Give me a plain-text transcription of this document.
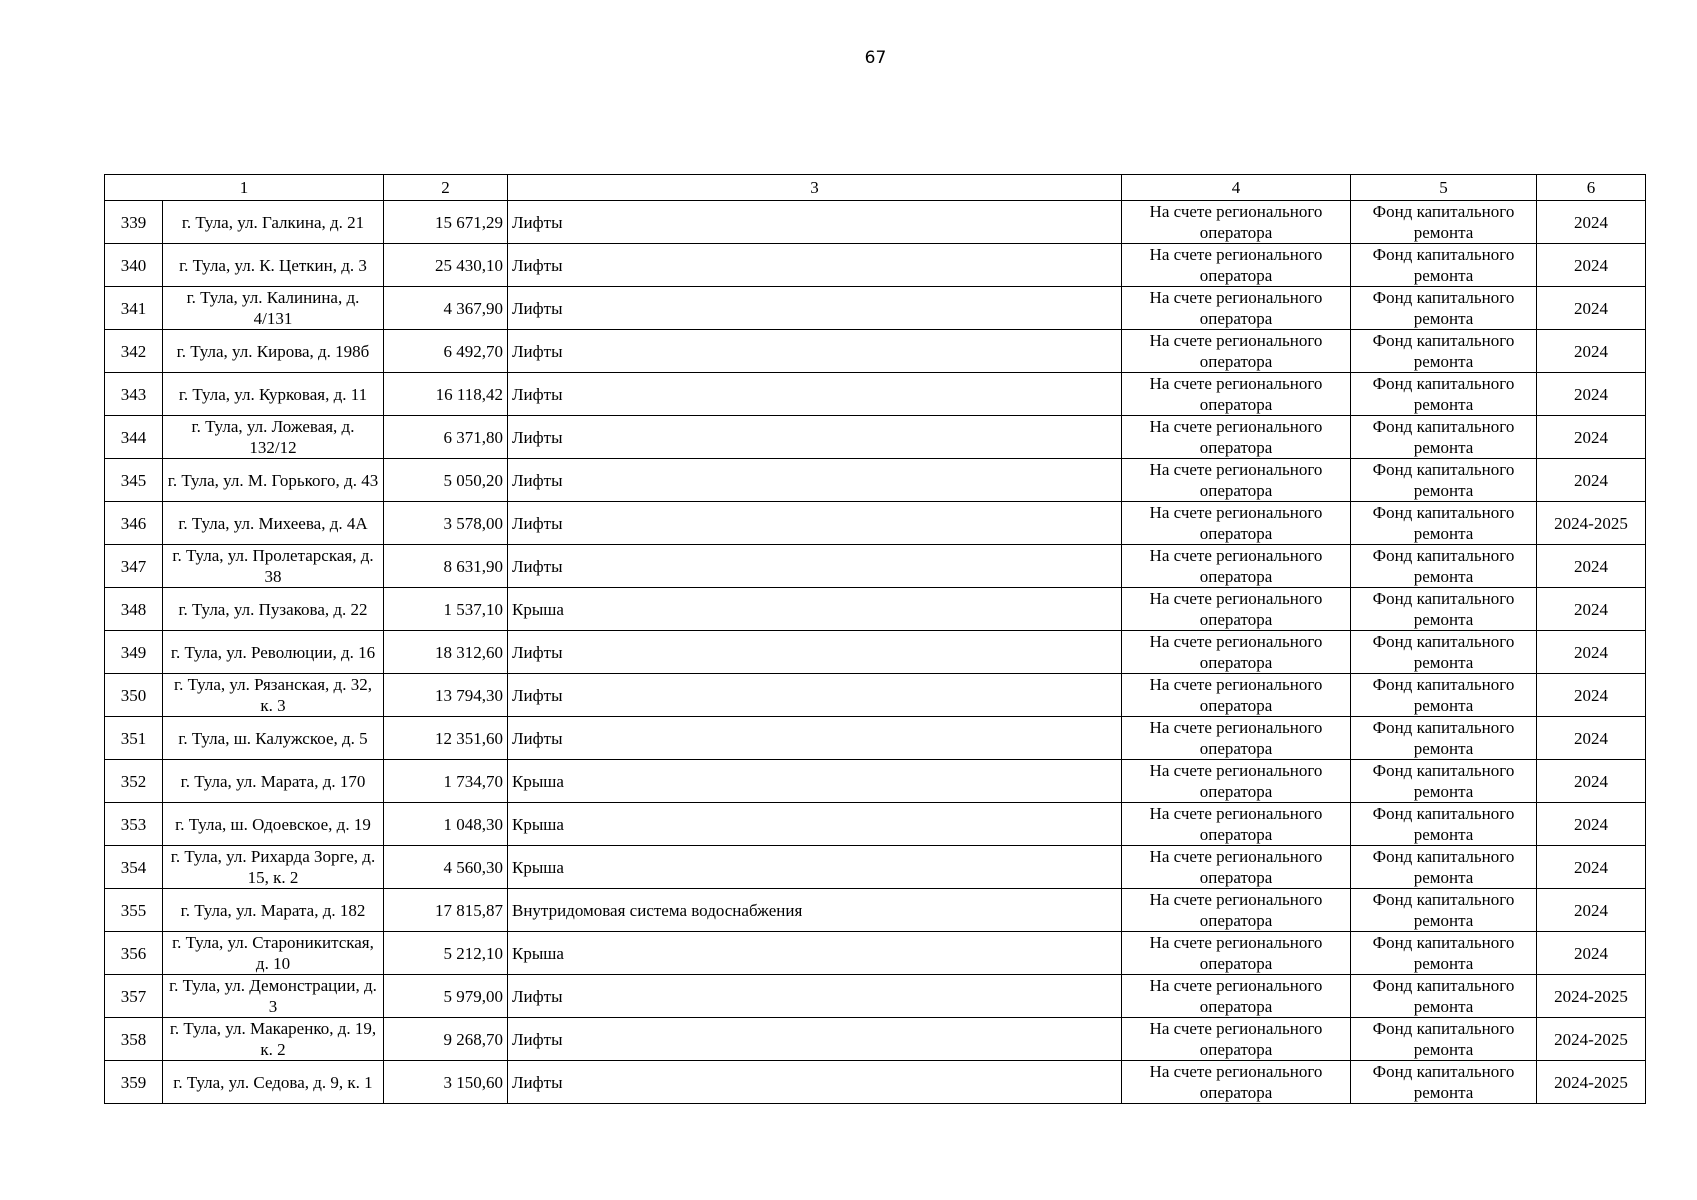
67
1		2	3	4	5	6
339	г. Тула, ул. Галкина, д. 21	15 671,29	Лифты	На счете регионального оператора	Фонд капитального ремонта	2024
340	г. Тула, ул. К. Цеткин, д. 3	25 430,10	Лифты	На счете регионального оператора	Фонд капитального ремонта	2024
341	г. Тула, ул. Калинина, д. 4/131	4 367,90	Лифты	На счете регионального оператора	Фонд капитального ремонта	2024
342	г. Тула, ул. Кирова, д. 198б	6 492,70	Лифты	На счете регионального оператора	Фонд капитального ремонта	2024
343	г. Тула, ул. Курковая, д. 11	16 118,42	Лифты	На счете регионального оператора	Фонд капитального ремонта	2024
344	г. Тула, ул. Ложевая, д. 132/12	6 371,80	Лифты	На счете регионального оператора	Фонд капитального ремонта	2024
345	г. Тула, ул. М. Горького, д. 43	5 050,20	Лифты	На счете регионального оператора	Фонд капитального ремонта	2024
346	г. Тула, ул. Михеева, д. 4А	3 578,00	Лифты	На счете регионального оператора	Фонд капитального ремонта	2024-2025
347	г. Тула, ул. Пролетарская, д. 38	8 631,90	Лифты	На счете регионального оператора	Фонд капитального ремонта	2024
348	г. Тула, ул. Пузакова, д. 22	1 537,10	Крыша	На счете регионального оператора	Фонд капитального ремонта	2024
349	г. Тула, ул. Революции, д. 16	18 312,60	Лифты	На счете регионального оператора	Фонд капитального ремонта	2024
350	г. Тула, ул. Рязанская, д. 32, к. 3	13 794,30	Лифты	На счете регионального оператора	Фонд капитального ремонта	2024
351	г. Тула, ш. Калужское, д. 5	12 351,60	Лифты	На счете регионального оператора	Фонд капитального ремонта	2024
352	г. Тула, ул. Марата, д. 170	1 734,70	Крыша	На счете регионального оператора	Фонд капитального ремонта	2024
353	г. Тула, ш. Одоевское, д. 19	1 048,30	Крыша	На счете регионального оператора	Фонд капитального ремонта	2024
354	г. Тула, ул. Рихарда Зорге, д. 15, к. 2	4 560,30	Крыша	На счете регионального оператора	Фонд капитального ремонта	2024
355	г. Тула, ул. Марата, д. 182	17 815,87	Внутридомовая система водоснабжения	На счете регионального оператора	Фонд капитального ремонта	2024
356	г. Тула, ул. Староникитская, д. 10	5 212,10	Крыша	На счете регионального оператора	Фонд капитального ремонта	2024
357	г. Тула, ул. Демонстрации, д. 3	5 979,00	Лифты	На счете регионального оператора	Фонд капитального ремонта	2024-2025
358	г. Тула, ул. Макаренко, д. 19, к. 2	9 268,70	Лифты	На счете регионального оператора	Фонд капитального ремонта	2024-2025
359	г. Тула, ул. Седова, д. 9, к. 1	3 150,60	Лифты	На счете регионального оператора	Фонд капитального ремонта	2024-2025
